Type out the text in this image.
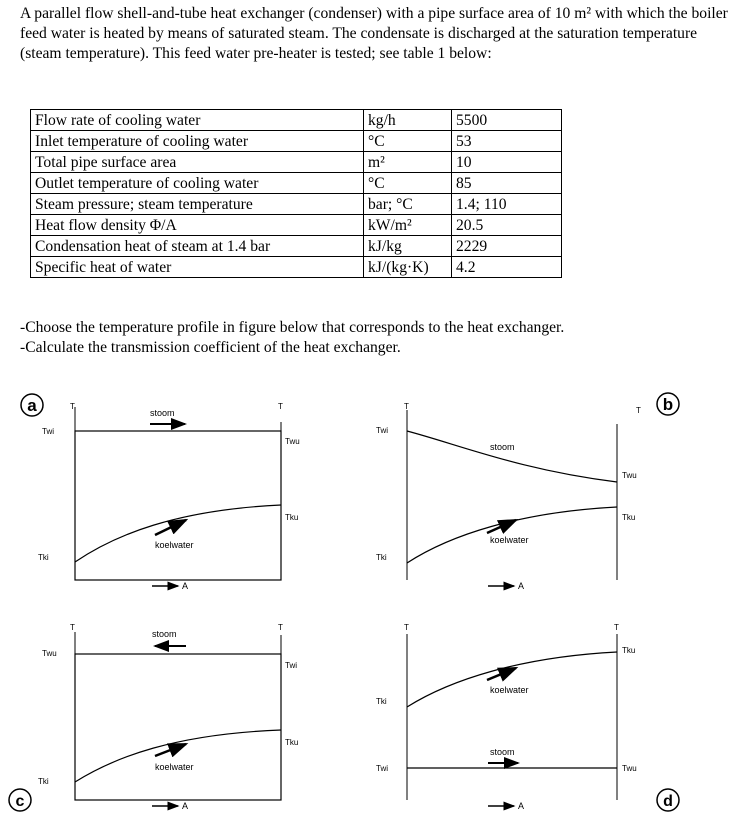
A parallel flow shell-and-tube heat exchanger (condenser) with a pipe surface area of 10 m² with which the boiler feed water is heated by means of saturated steam. The condensate is discharged at the saturation temperature (steam temperature). This feed water pre-heater is tested; see table 1 below:

Flow rate of cooling water	kg/h	5500
Inlet temperature of cooling water	°C	53
Total pipe surface area	m²	10
Outlet temperature of cooling water	°C	85
Steam pressure; steam temperature	bar; °C	1.4; 110
Heat flow density Φ/A	kW/m²	20.5
Condensation heat of steam at 1.4 bar	kJ/kg	2229
Specific heat of water	kJ/(kg·K)	4.2
-Choose the temperature profile in figure below that corresponds to the heat exchanger.
-Calculate the transmission coefficient of the heat exchanger.
a	T	T
stoom
Twi
Twu
koelwater
Tku
Tki
A
b
T	T
Twi
stoom
Twu
koelwater
Tku
Tki
A
c
T	T
stoom
Twu
Twi
koelwater
Tku
Tki
A	d
T	T
koelwater
Tku
Tki
stoom
Twu
Twi
A
